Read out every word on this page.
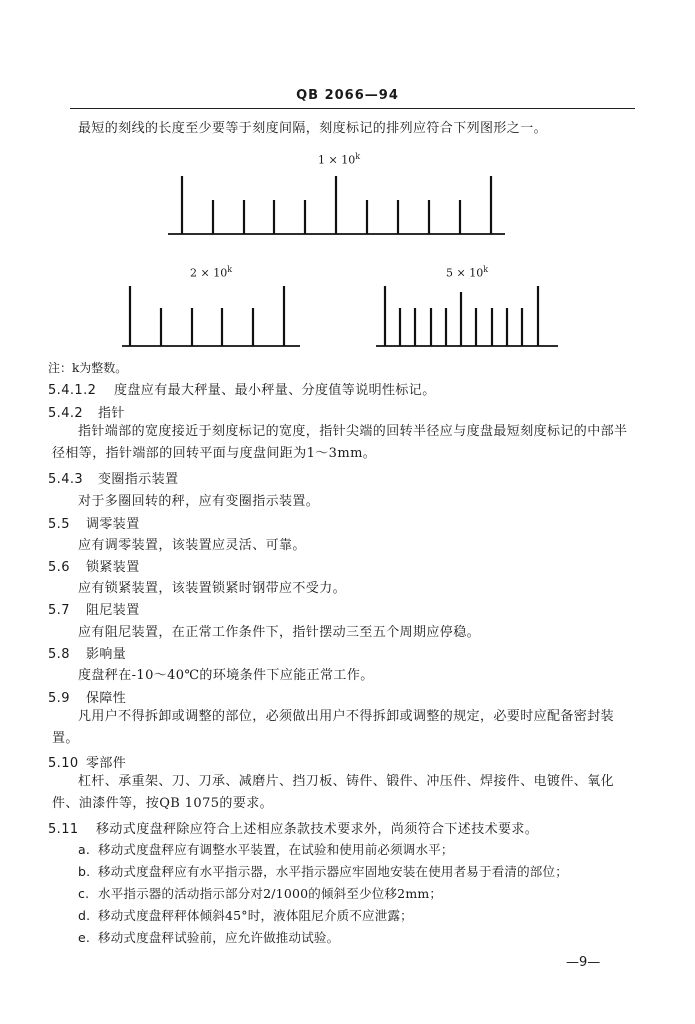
QB 2066—94
最短的刻线的长度至少要等于刻度间隔，刻度标记的排列应符合下列图形之一。
$1 \times 10^k$
$2 \times 10^k$	$5 \times 10^k$
注：k为整数。
5.4.1.2 度盘应有最大秤量、最小秤量、分度值等说明性标记。
5.4.2 指针
指针端部的宽度接近于刻度标记的宽度，指针尖端的回转半径应与度盘最短刻度标记的中部半径相等，指针端部的回转平面与度盘间距为1～3mm。
5.4.3 变圈指示装置
对于多圈回转的秤，应有变圈指示装置。
5.5 调零装置
应有调零装置，该装置应灵活、可靠。
5.6 锁紧装置
应有锁紧装置，该装置锁紧时钢带应不受力。
5.7 阻尼装置
应有阻尼装置，在正常工作条件下，指针摆动三至五个周期应停稳。
5.8 影响量
度盘秤在-10～40℃的环境条件下应能正常工作。
5.9 保障性
凡用户不得拆卸或调整的部位，必须做出用户不得拆卸或调整的规定，必要时应配备密封装置。
5.10 零部件
杠杆、承重架、刀、刀承、减磨片、挡刀板、铸件、锻件、冲压件、焊接件、电镀件、氧化件、油漆件等，按QB 1075的要求。
5.11 移动式度盘秤除应符合上述相应条款技术要求外，尚须符合下述技术要求。
a. 移动式度盘秤应有调整水平装置，在试验和使用前必须调水平；
b. 移动式度盘秤应有水平指示器，水平指示器应牢固地安装在使用者易于看清的部位；
c. 水平指示器的活动指示部分对2/1000的倾斜至少位移2mm；
d. 移动式度盘秤秤体倾斜45°时，液体阻尼介质不应泄露；
e. 移动式度盘秤试验前，应允许做推动试验。
—9—
